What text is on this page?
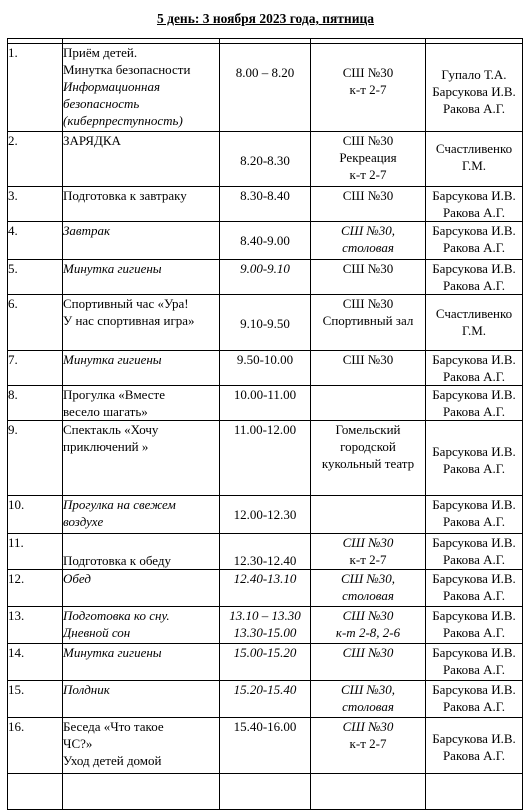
5 день: 3 ноября 2023 года, пятница

1.	Приём детей.
Минутка безопасности
Информационная
безопасность
(киберпреступность)	8.00 – 8.20	СШ №30
к-т 2-7	Гупало Т.А.
Барсукова И.В.
Ракова А.Г.

2.	ЗАРЯДКА	8.20-8.30	СШ №30
Рекреация
к-т 2-7	Счастливенко
Г.М.

3.	Подготовка к завтраку	8.30-8.40	СШ №30	Барсукова И.В.
Ракова А.Г.

4.	Завтрак	8.40-9.00	СШ №30,
столовая	Барсукова И.В.
Ракова А.Г.

5.	Минутка гигиены	9.00-9.10	СШ №30	Барсукова И.В.
Ракова А.Г.

6.	Спортивный час «Ура!
У нас спортивная игра»	9.10-9.50	СШ №30
Спортивный зал	Счастливенко
Г.М.

7.	Минутка гигиены	9.50-10.00	СШ №30	Барсукова И.В.
Ракова А.Г.

8.	Прогулка «Вместе
весело шагать»	10.00-11.00		Барсукова И.В.
Ракова А.Г.

9.	Спектакль «Хочу
приключений »	11.00-12.00	Гомельский
городской
кукольный театр	Барсукова И.В.
Ракова А.Г.

10.	Прогулка на свежем
воздухе	12.00-12.30		Барсукова И.В.
Ракова А.Г.

11.	Подготовка к обеду	12.30-12.40	СШ №30
к-т 2-7	Барсукова И.В.
Ракова А.Г.

12.	Обед	12.40-13.10	СШ №30,
столовая	Барсукова И.В.
Ракова А.Г.

13.	Подготовка ко сну.
Дневной сон	13.10 – 13.30
13.30-15.00	СШ №30
к-т 2-8, 2-6	Барсукова И.В.
Ракова А.Г.

14.	Минутка гигиены	15.00-15.20	СШ №30	Барсукова И.В.
Ракова А.Г.

15.	Полдник	15.20-15.40	СШ №30,
столовая	Барсукова И.В.
Ракова А.Г.

16.	Беседа «Что такое
ЧС?»
Уход детей домой	15.40-16.00	СШ №30
к-т 2-7	Барсукова И.В.
Ракова А.Г.
